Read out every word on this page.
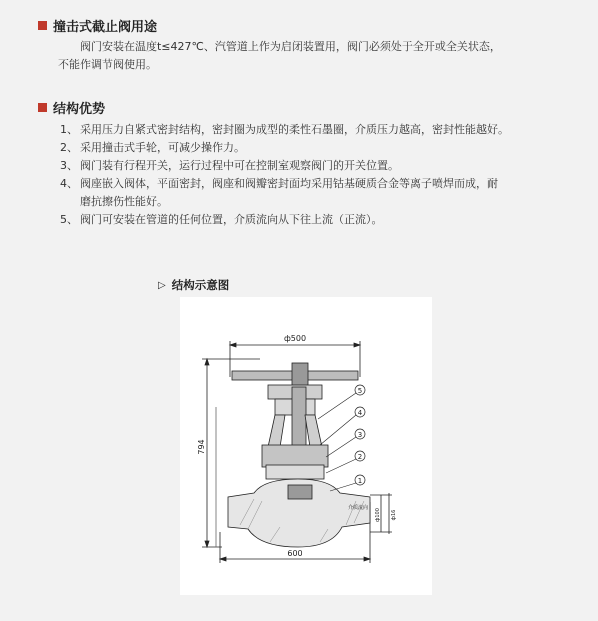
撞击式截止阀用途
阀门安装在温度t≤427℃、汽管道上作为启闭装置用，阀门必须处于全开或全关状态，
不能作调节阀使用。
结构优势
1、 采用压力自紧式密封结构，密封圈为成型的柔性石墨圈，介质压力越高，密封性能越好。
2、 采用撞击式手轮，可减少操作力。
3、 阀门装有行程开关，运行过程中可在控制室观察阀门的开关位置。
4、 阀座嵌入阀体，平面密封，阀座和阀瓣密封面均采用钴基硬质合金等离子喷焊而成，耐
磨抗擦伤性能好。
5、 阀门可安装在管道的任何位置，介质流向从下往上流（正流）。
▷ 结构示意图
5
4
3
2
1
ф500
794
600
ф100 ф16
介质流向
